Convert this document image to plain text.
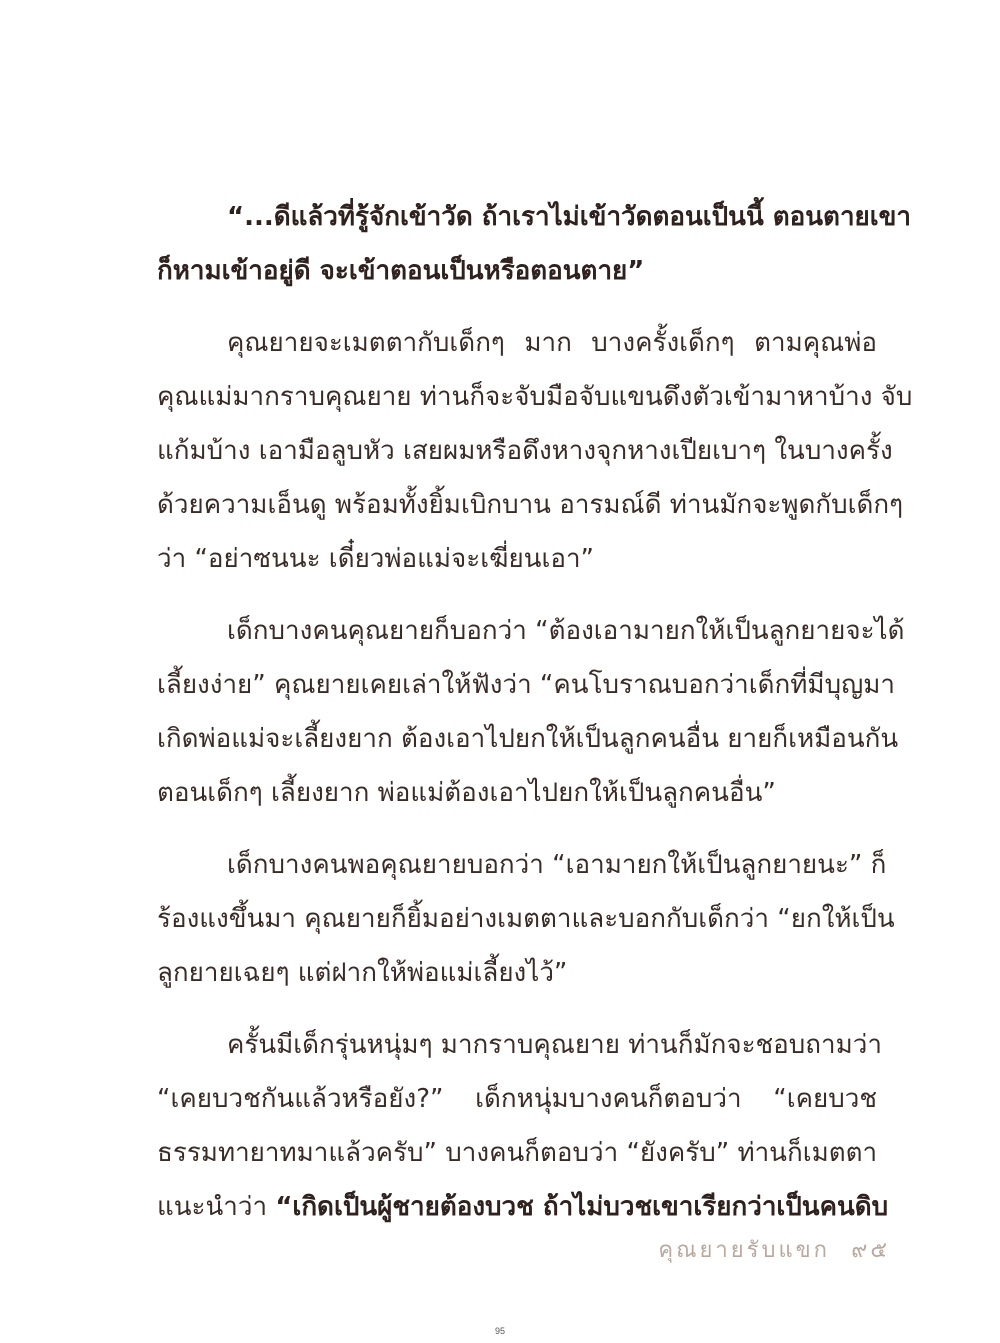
“...ดีแล้วที่รู้จักเข้าวัด ถ้าเราไม่เข้าวัดตอนเป็นนี้ ตอนตายเขา
ก็หามเข้าอยู่ดี จะเข้าตอนเป็นหรือตอนตาย”

คุณยายจะเมตตากับเด็กๆ มาก บางครั้งเด็กๆ ตามคุณพ่อ
คุณแม่มากราบคุณยาย ท่านก็จะจับมือจับแขนดึงตัวเข้ามาหาบ้าง จับ
แก้มบ้าง เอามือลูบหัว เสยผมหรือดึงหางจุกหางเปียเบาๆ ในบางครั้ง
ด้วยความเอ็นดู พร้อมทั้งยิ้มเบิกบาน อารมณ์ดี ท่านมักจะพูดกับเด็กๆ
ว่า “อย่าซนนะ เดี๋ยวพ่อแม่จะเฆี่ยนเอา”

เด็กบางคนคุณยายก็บอกว่า “ต้องเอามายกให้เป็นลูกยายจะได้
เลี้ยงง่าย” คุณยายเคยเล่าให้ฟังว่า “คนโบราณบอกว่าเด็กที่มีบุญมา
เกิดพ่อแม่จะเลี้ยงยาก ต้องเอาไปยกให้เป็นลูกคนอื่น ยายก็เหมือนกัน
ตอนเด็กๆ เลี้ยงยาก พ่อแม่ต้องเอาไปยกให้เป็นลูกคนอื่น”

เด็กบางคนพอคุณยายบอกว่า “เอามายกให้เป็นลูกยายนะ” ก็
ร้องแงขึ้นมา คุณยายก็ยิ้มอย่างเมตตาและบอกกับเด็กว่า “ยกให้เป็น
ลูกยายเฉยๆ แต่ฝากให้พ่อแม่เลี้ยงไว้”

ครั้นมีเด็กรุ่นหนุ่มๆ มากราบคุณยาย ท่านก็มักจะชอบถามว่า
“เคยบวชกันแล้วหรือยัง?” เด็กหนุ่มบางคนก็ตอบว่า “เคยบวช
ธรรมทายาทมาแล้วครับ” บางคนก็ตอบว่า “ยังครับ” ท่านก็เมตตา
แนะนำว่า “เกิดเป็นผู้ชายต้องบวช ถ้าไม่บวชเขาเรียกว่าเป็นคนดิบ

คุณยายรับแขก ๙๕
95
